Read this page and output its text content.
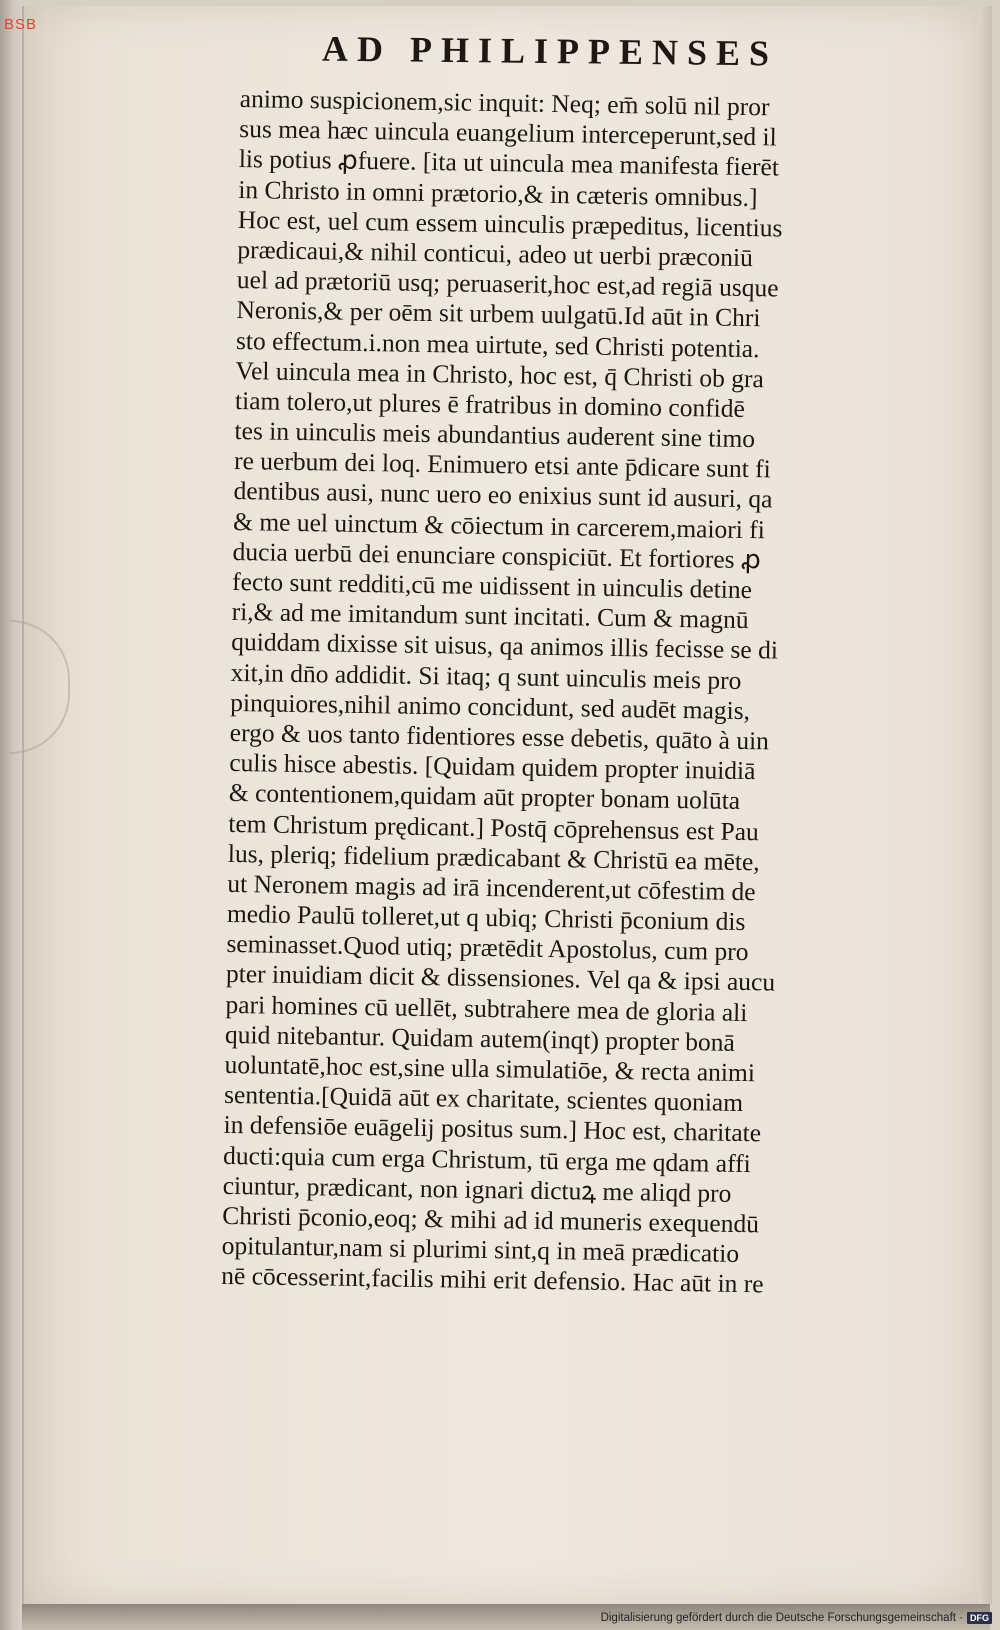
BSB
AD PHILIPPENSES
animo suspicionem,sic inquit: Neq; em̄ solū nil pror
sus mea hæc uincula euangelium interceperunt,sed il
lis potius ꝓfuere. [ita ut uincula mea manifesta fierēt
in Christo in omni prætorio,& in cæteris omnibus.]
Hoc est, uel cum essem uinculis præpeditus, licentius
prædicaui,& nihil conticui, adeo ut uerbi præconiū
uel ad prætoriū usq; peruaserit,hoc est,ad regiā usque
Neronis,& per oēm sit urbem uulgatū.Id aūt in Chri
sto effectum.i.non mea uirtute, sed Christi potentia.
Vel uincula mea in Christo, hoc est, q̄ Christi ob gra
tiam tolero,ut plures ē fratribus in domino confidē
tes in uinculis meis abundantius auderent sine timo
re uerbum dei loq. Enimuero etsi ante p̄dicare sunt fi
dentibus ausi, nunc uero eo enixius sunt id ausuri, qa
& me uel uinctum & cōiectum in carcerem,maiori fi
ducia uerbū dei enunciare conspiciūt. Et fortiores ꝓ
fecto sunt redditi,cū me uidissent in uinculis detine
ri,& ad me imitandum sunt incitati. Cum & magnū
quiddam dixisse sit uisus, qa animos illis fecisse se di
xit,in dn̄o addidit. Si itaq; q sunt uinculis meis pro
pinquiores,nihil animo concidunt, sed audēt magis,
ergo & uos tanto fidentiores esse debetis, quāto à uin
culis hisce abestis. [Quidam quidem propter inuidiā
& contentionem,quidam aūt propter bonam uolūta
tem Christum prędicant.] Postq̄ cōprehensus est Pau
lus, pleriq; fidelium prædicabant & Christū ea mēte,
ut Neronem magis ad irā incenderent,ut cōfestim de
medio Paulū tolleret,ut q ubiq; Christi p̄conium dis
seminasset.Quod utiq; prætēdit Apostolus, cum pro
pter inuidiam dicit & dissensiones. Vel qa & ipsi aucu
pari homines cū uellēt, subtrahere mea de gloria ali
quid nitebantur. Quidam autem(inqt) propter bonā
uoluntatē,hoc est,sine ulla simulatiōe, & recta animi
sententia.[Quidā aūt ex charitate, scientes quoniam
in defensiōe euāgelij positus sum.] Hoc est, charitate
ducti:quia cum erga Christum, tū erga me qdam affi
ciuntur, prædicant, non ignari dictuꝝ me aliqd pro
Christi p̄conio,eoq; & mihi ad id muneris exequendū
opitulantur,nam si plurimi sint,q in meā prædicatio
nē cōcesserint,facilis mihi erit defensio. Hac aūt in re
Digitalisierung gefördert durch die Deutsche Forschungsgemeinschaft · DFG
